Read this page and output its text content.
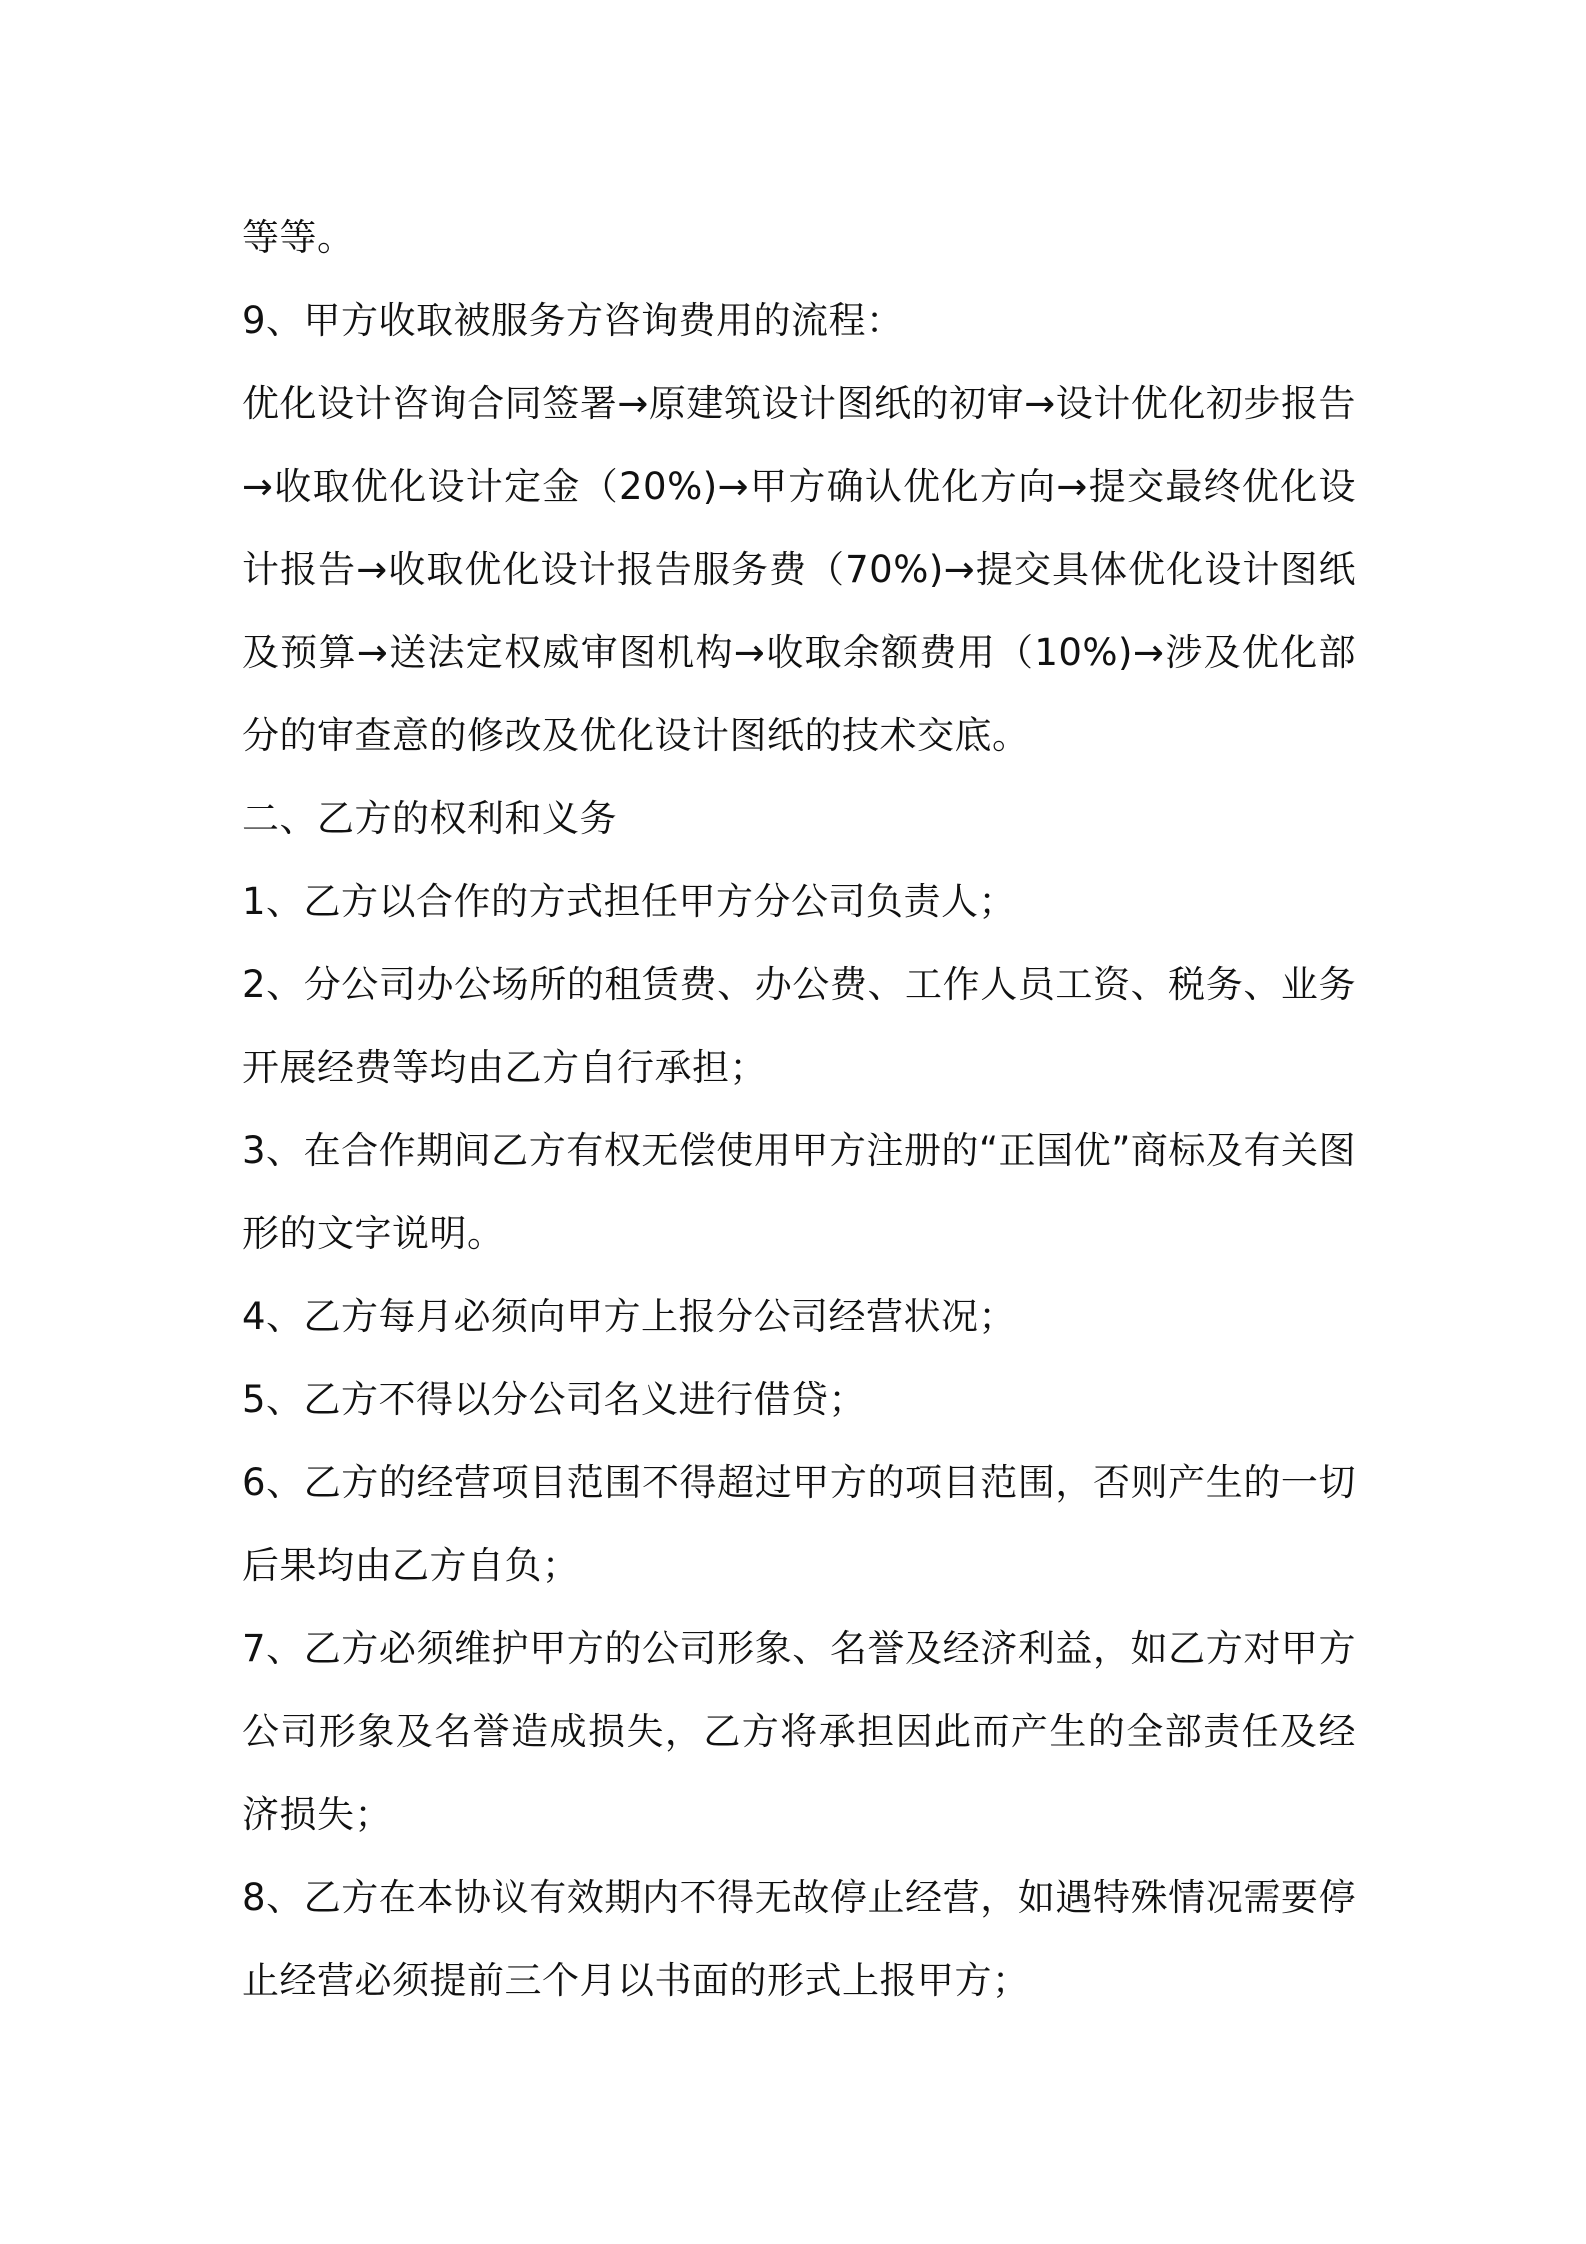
等等。

9、甲方收取被服务方咨询费用的流程：

优化设计咨询合同签署→原建筑设计图纸的初审→设计优化初步报告→收取优化设计定金（20%)→甲方确认优化方向→提交最终优化设计报告→收取优化设计报告服务费（70%)→提交具体优化设计图纸及预算→送法定权威审图机构→收取余额费用（10%)→涉及优化部分的审查意的修改及优化设计图纸的技术交底。

二、乙方的权利和义务

1、乙方以合作的方式担任甲方分公司负责人；

2、分公司办公场所的租赁费、办公费、工作人员工资、税务、业务开展经费等均由乙方自行承担；

3、在合作期间乙方有权无偿使用甲方注册的“正国优”商标及有关图形的文字说明。

4、乙方每月必须向甲方上报分公司经营状况；

5、乙方不得以分公司名义进行借贷；

6、乙方的经营项目范围不得超过甲方的项目范围，否则产生的一切后果均由乙方自负；

7、乙方必须维护甲方的公司形象、名誉及经济利益，如乙方对甲方公司形象及名誉造成损失，乙方将承担因此而产生的全部责任及经济损失；

8、乙方在本协议有效期内不得无故停止经营，如遇特殊情况需要停止经营必须提前三个月以书面的形式上报甲方；
